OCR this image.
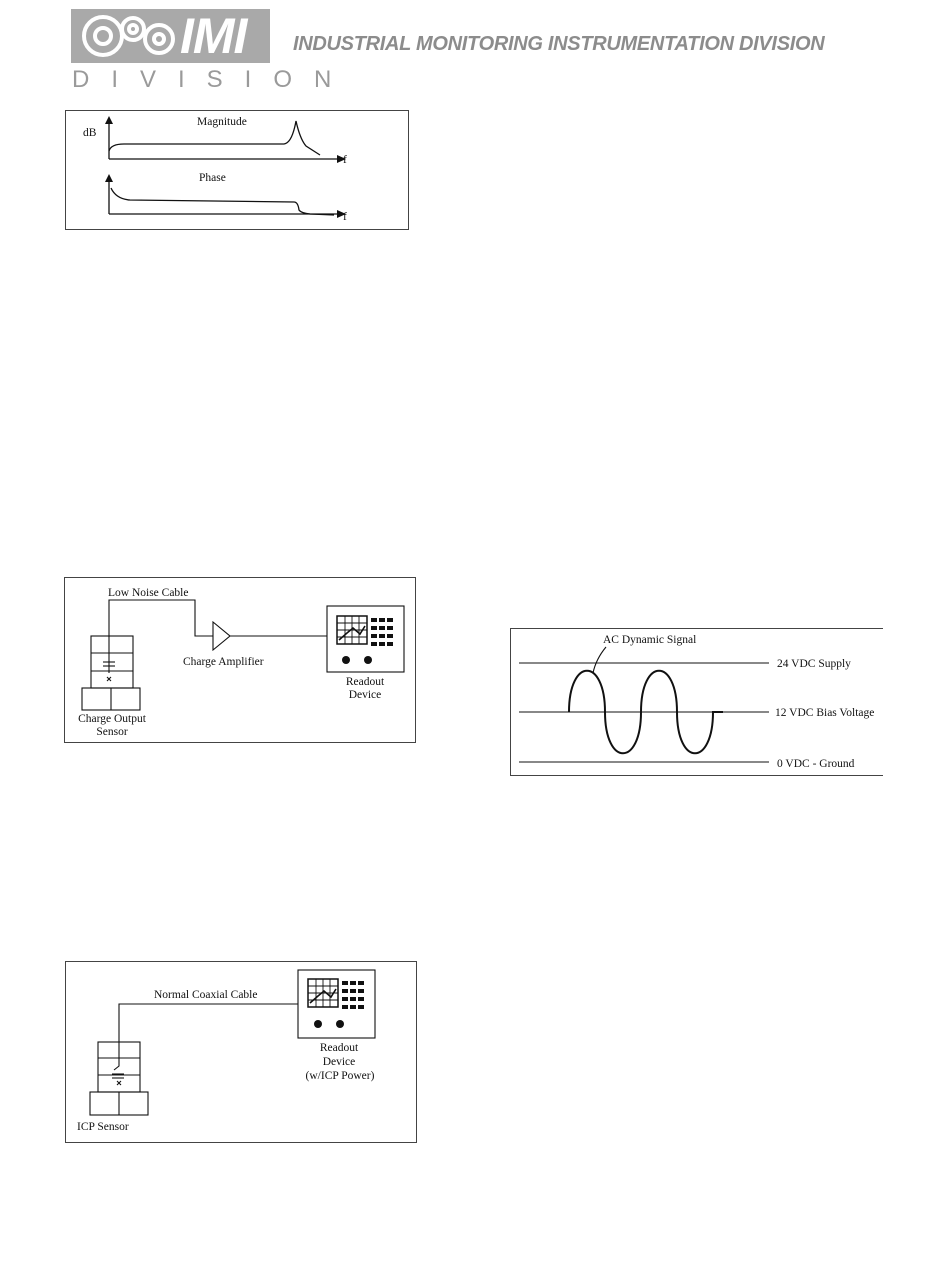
IMI
DIVISION
INDUSTRIAL MONITORING INSTRUMENTATION DIVISION
dB
Magnitude
f
Phase
f
Low Noise Cable
Charge Amplifier
Readout Device
Charge Output Sensor
AC Dynamic Signal
24 VDC Supply
12 VDC Bias Voltage
0 VDC - Ground
Normal Coaxial Cable
Readout
Device
(w/ICP Power)
ICP Sensor
